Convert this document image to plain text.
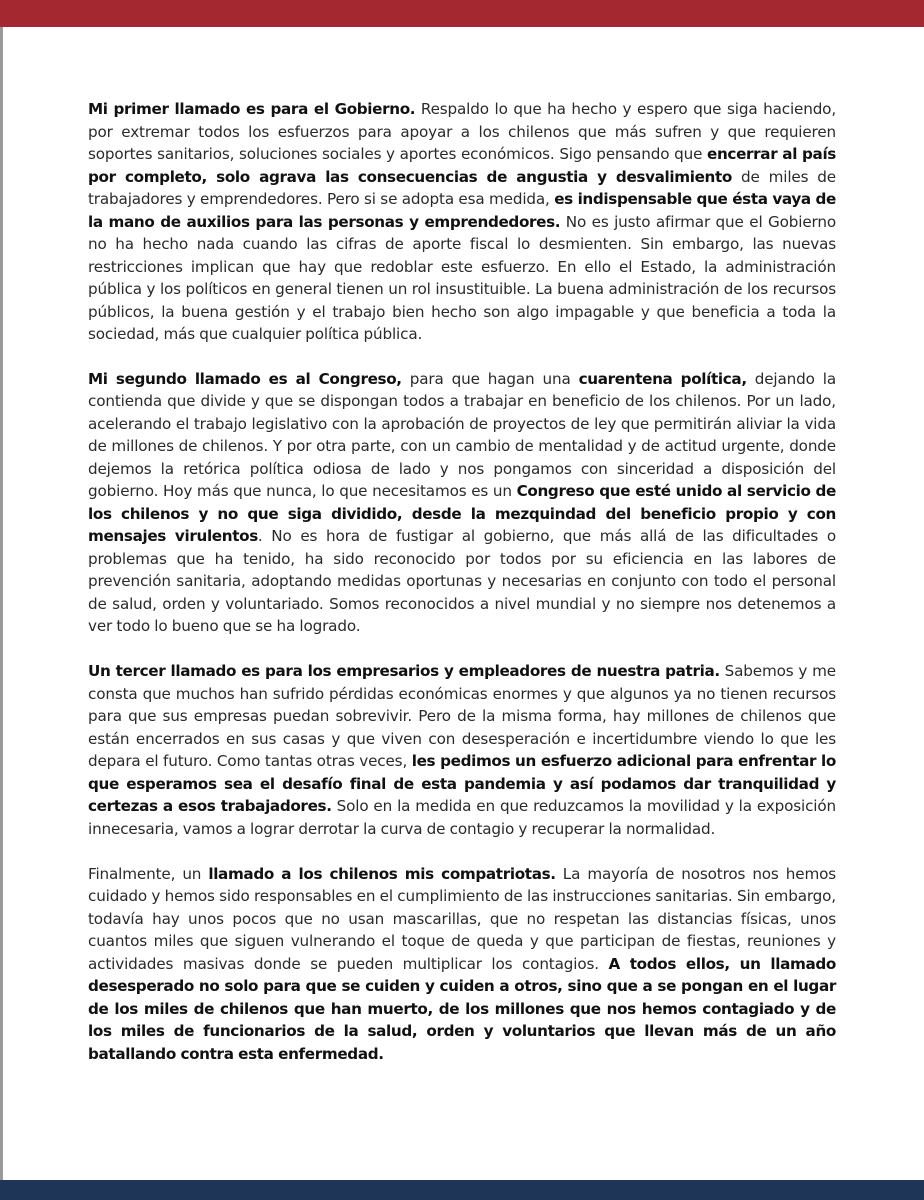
Mi primer llamado es para el Gobierno. Respaldo lo que ha hecho y espero que siga haciendo, por extremar todos los esfuerzos para apoyar a los chilenos que más sufren y que requieren soportes sanitarios, soluciones sociales y aportes económicos. Sigo pensando que encerrar al país por completo, solo agrava las consecuencias de angustia y desvalimiento de miles de trabajadores y emprendedores. Pero si se adopta esa medida, es indispensable que ésta vaya de la mano de auxilios para las personas y emprendedores. No es justo afirmar que el Gobierno no ha hecho nada cuando las cifras de aporte fiscal lo desmienten. Sin embargo, las nuevas restricciones implican que hay que redoblar este esfuerzo. En ello el Estado, la administración pública y los políticos en general tienen un rol insustituible. La buena administración de los recursos públicos, la buena gestión y el trabajo bien hecho son algo impagable y que beneficia a toda la sociedad, más que cualquier política pública.

Mi segundo llamado es al Congreso, para que hagan una cuarentena política, dejando la contienda que divide y que se dispongan todos a trabajar en beneficio de los chilenos. Por un lado, acelerando el trabajo legislativo con la aprobación de proyectos de ley que permitirán aliviar la vida de millones de chilenos. Y por otra parte, con un cambio de mentalidad y de actitud urgente, donde dejemos la retórica política odiosa de lado y nos pongamos con sinceridad a disposición del gobierno. Hoy más que nunca, lo que necesitamos es un Congreso que esté unido al servicio de los chilenos y no que siga dividido, desde la mezquindad del beneficio propio y con mensajes virulentos. No es hora de fustigar al gobierno, que más allá de las dificultades o problemas que ha tenido, ha sido reconocido por todos por su eficiencia en las labores de prevención sanitaria, adoptando medidas oportunas y necesarias en conjunto con todo el personal de salud, orden y voluntariado. Somos reconocidos a nivel mundial y no siempre nos detenemos a ver todo lo bueno que se ha logrado.

Un tercer llamado es para los empresarios y empleadores de nuestra patria. Sabemos y me consta que muchos han sufrido pérdidas económicas enormes y que algunos ya no tienen recursos para que sus empresas puedan sobrevivir. Pero de la misma forma, hay millones de chilenos que están encerrados en sus casas y que viven con desesperación e incertidumbre viendo lo que les depara el futuro. Como tantas otras veces, les pedimos un esfuerzo adicional para enfrentar lo que esperamos sea el desafío final de esta pandemia y así podamos dar tranquilidad y certezas a esos trabajadores. Solo en la medida en que reduzcamos la movilidad y la exposición innecesaria, vamos a lograr derrotar la curva de contagio y recuperar la normalidad.

Finalmente, un llamado a los chilenos mis compatriotas. La mayoría de nosotros nos hemos cuidado y hemos sido responsables en el cumplimiento de las instrucciones sanitarias. Sin embargo, todavía hay unos pocos que no usan mascarillas, que no respetan las distancias físicas, unos cuantos miles que siguen vulnerando el toque de queda y que participan de fiestas, reuniones y actividades masivas donde se pueden multiplicar los contagios. A todos ellos, un llamado desesperado no solo para que se cuiden y cuiden a otros, sino que a se pongan en el lugar de los miles de chilenos que han muerto, de los millones que nos hemos contagiado y de los miles de funcionarios de la salud, orden y voluntarios que llevan más de un año batallando contra esta enfermedad.
